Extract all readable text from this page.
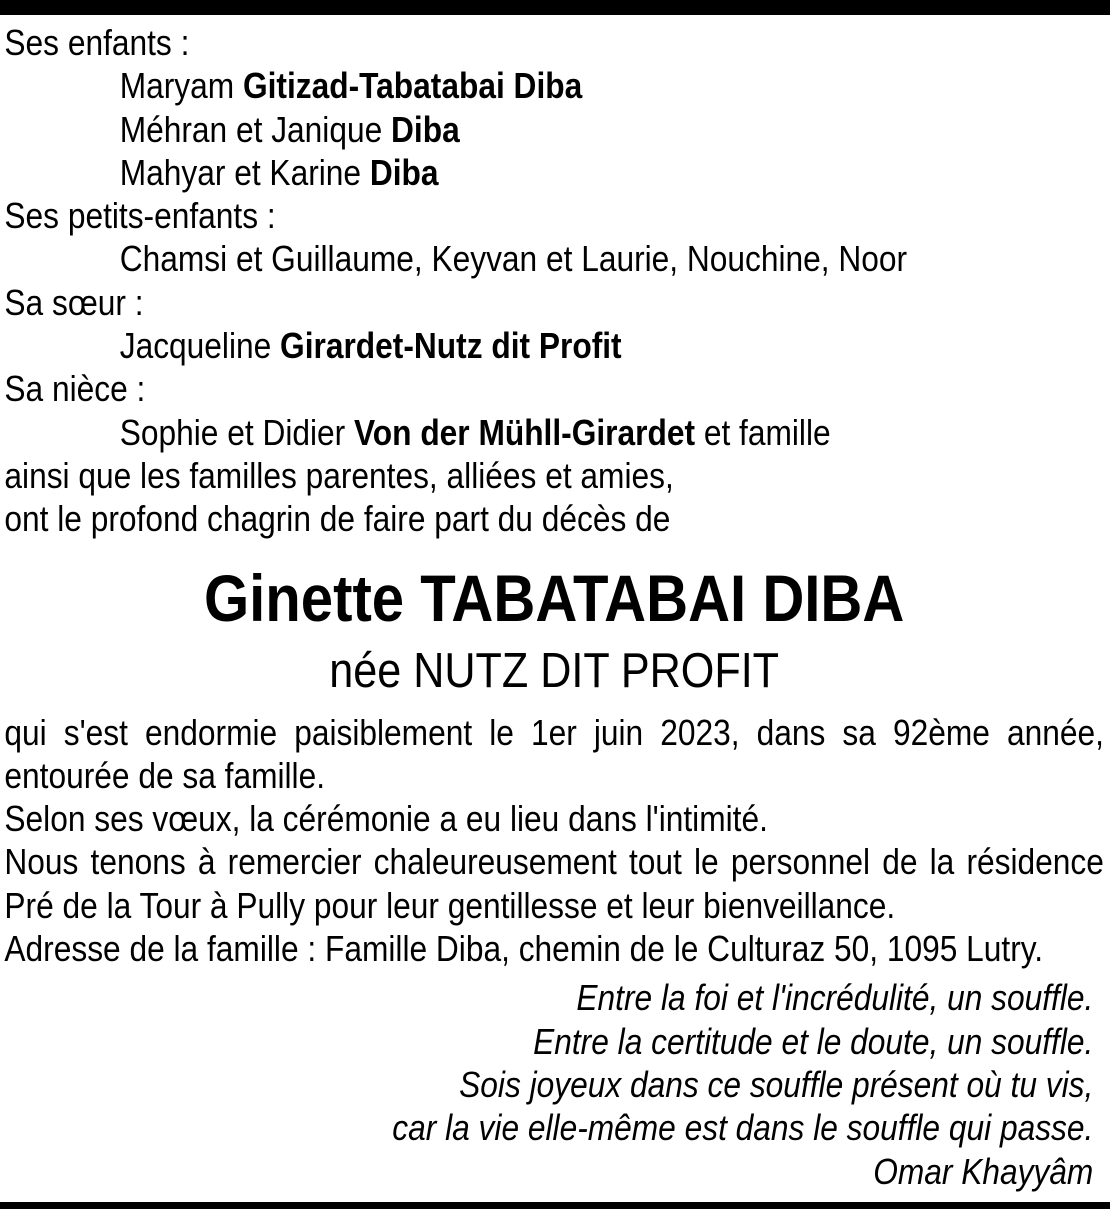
Ses enfants :
Maryam Gitizad-Tabatabai Diba
Méhran et Janique Diba
Mahyar et Karine Diba
Ses petits-enfants :
Chamsi et Guillaume, Keyvan et Laurie, Nouchine, Noor
Sa sœur :
Jacqueline Girardet-Nutz dit Profit
Sa nièce :
Sophie et Didier Von der Mühll-Girardet et famille
ainsi que les familles parentes, alliées et amies,
ont le profond chagrin de faire part du décès de
Ginette TABATABAI DIBA
née NUTZ DIT PROFIT
qui s'est endormie paisiblement le 1er juin 2023, dans sa 92ème année,
entourée de sa famille.
Selon ses vœux, la cérémonie a eu lieu dans l'intimité.
Nous tenons à remercier chaleureusement tout le personnel de la résidence
Pré de la Tour à Pully pour leur gentillesse et leur bienveillance.
Adresse de la famille : Famille Diba, chemin de le Culturaz 50, 1095 Lutry.
Entre la foi et l'incrédulité, un souffle.
Entre la certitude et le doute, un souffle.
Sois joyeux dans ce souffle présent où tu vis,
car la vie elle-même est dans le souffle qui passe.
Omar Khayyâm
